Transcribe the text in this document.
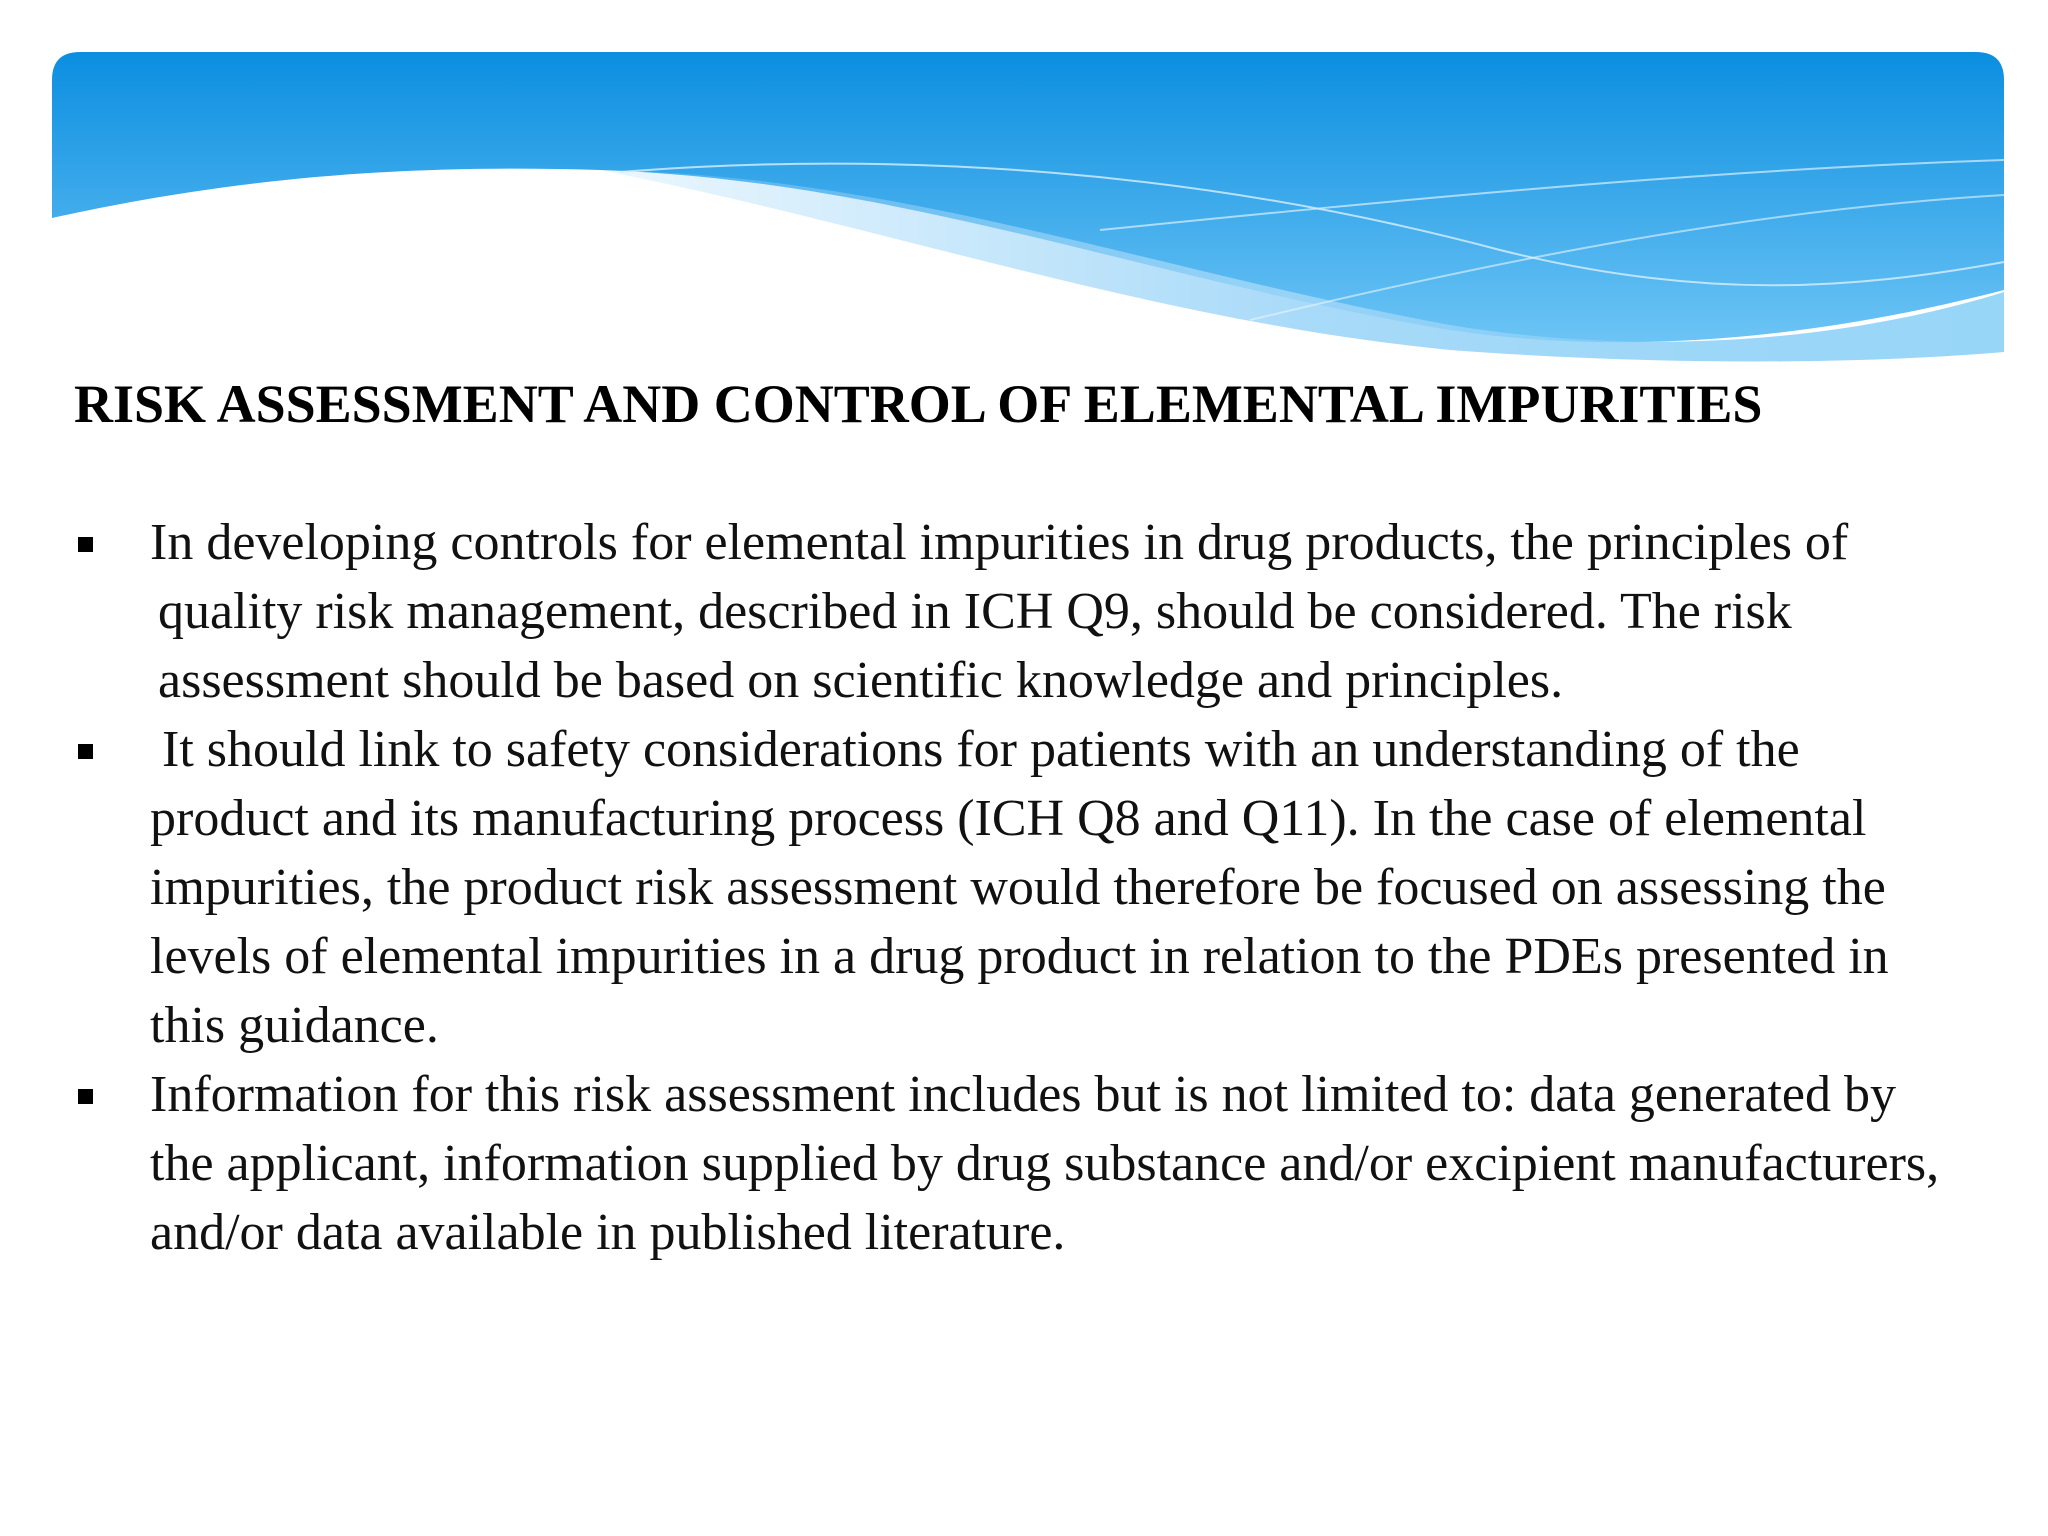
RISK ASSESSMENT AND CONTROL OF ELEMENTAL IMPURITIES
In developing controls for elemental impurities in drug products, the principles of quality risk management, described in ICH Q9, should be considered. The risk assessment should be based on scientific knowledge and principles.
It should link to safety considerations for patients with an understanding of the product and its manufacturing process (ICH Q8 and Q11). In the case of elemental impurities, the product risk assessment would therefore be focused on assessing the levels of elemental impurities in a drug product in relation to the PDEs presented in this guidance.
Information for this risk assessment includes but is not limited to: data generated by the applicant, information supplied by drug substance and/or excipient manufacturers, and/or data available in published literature.
